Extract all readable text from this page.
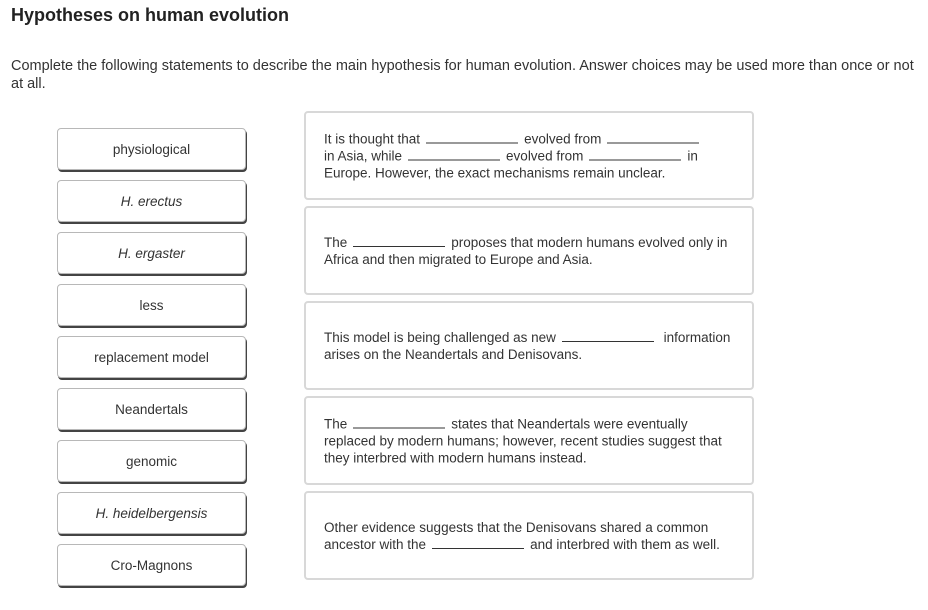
Hypotheses on human evolution
Complete the following statements to describe the main hypothesis for human evolution. Answer choices may be used more than once or not at all.
physiological
H. erectus
H. ergaster
less
replacement model
Neandertals
genomic
H. heidelbergensis
Cro-Magnons
It is thought that	evolved from
in Asia, while	evolved from	in
Europe. However, the exact mechanisms remain unclear.
The	proposes that modern humans evolved only in Africa and then migrated to Europe and Asia.
This model is being challenged as new	information arises on the Neandertals and Denisovans.
The	states that Neandertals were eventually replaced by modern humans; however, recent studies suggest that they interbred with modern humans instead.
Other evidence suggests that the Denisovans shared a common ancestor with the	and interbred with them as well.
